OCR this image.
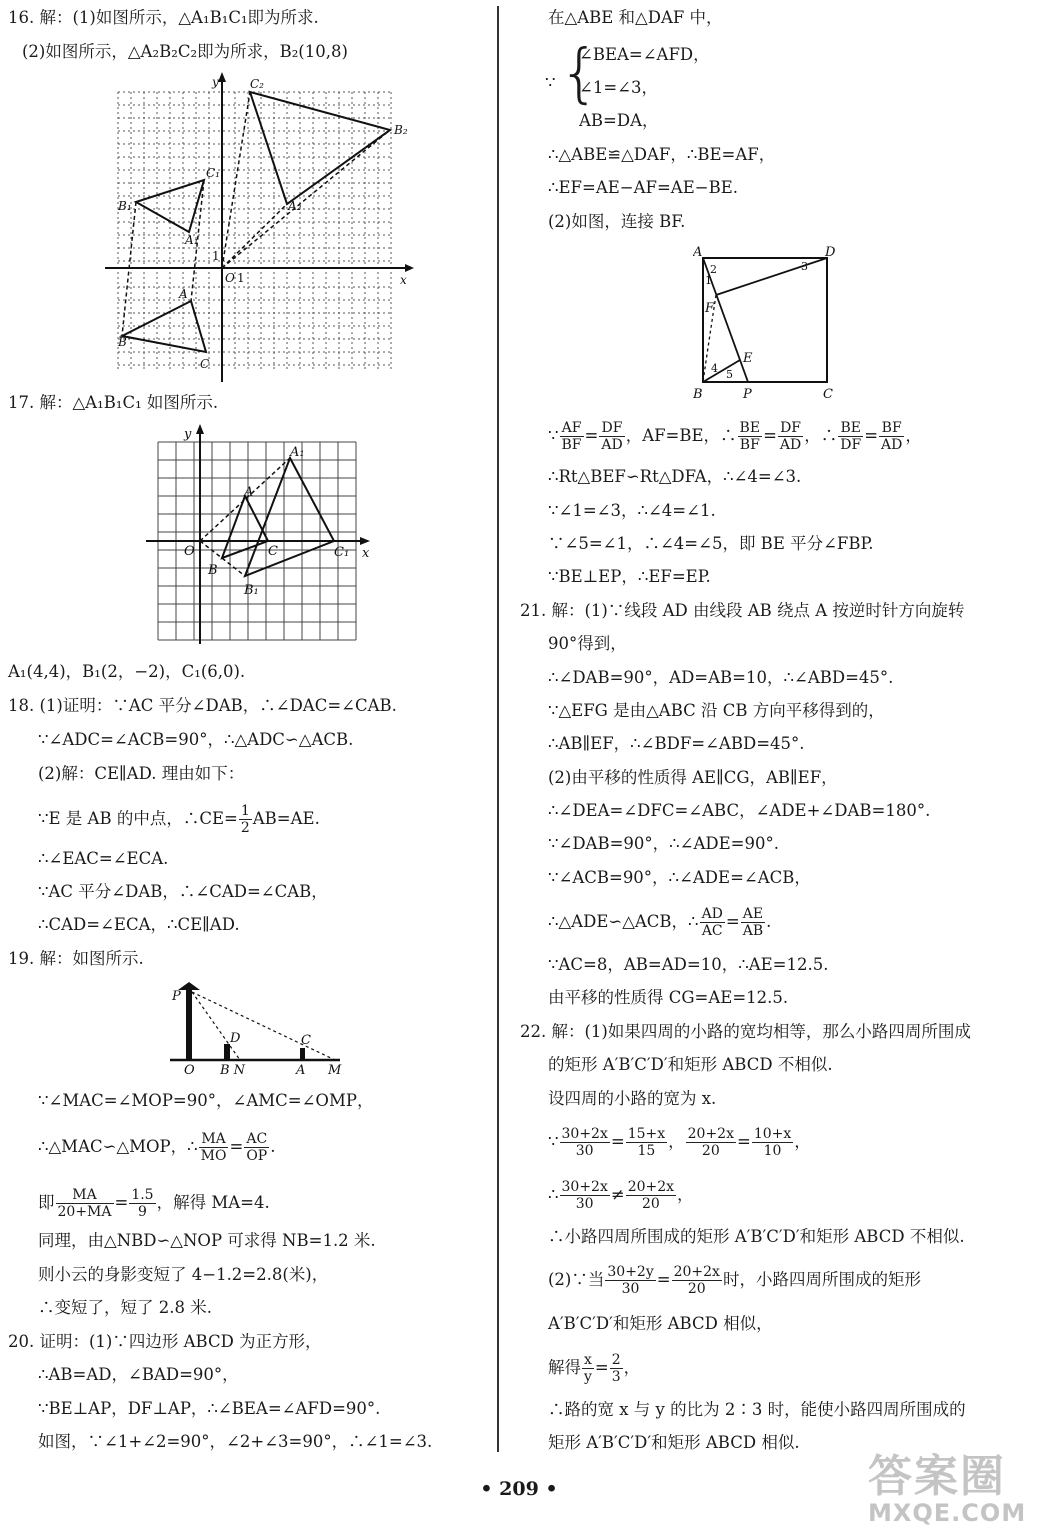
16. 解：(1)如图所示，△A₁B₁C₁即为所求.
(2)如图所示，△A₂B₂C₂即为所求，B₂(10,8)
y
x
O 1
1
C₂
B₂
C₁
B₁
A₁
A₂
A
B
C
17. 解：△A₁B₁C₁ 如图所示.
y
x
O
A₁
A
C	C₁
B
B₁
A₁(4,4)，B₁(2，−2)，C₁(6,0).
18. (1)证明：∵AC 平分∠DAB，∴∠DAC=∠CAB.
∵∠ADC=∠ACB=90°，∴△ADC∽△ACB.
(2)解：CE∥AD. 理由如下：
∵E 是 AB 的中点，∴CE= $\frac{1}{2} AB=AE$.
∴∠EAC=∠ECA.
∵AC 平分∠DAB，∴∠CAD=∠CAB，
∴CAD=∠ECA，∴CE∥AD.
19. 解：如图所示.
P
D	C
O B N	A M
∵∠MAC=∠MOP=90°，∠AMC=∠OMP，
∴△MAC∽△MOP，∴ $\frac{MA}{MO} = \frac{AC}{OP}$ .
即 $\frac{MA}{20+MA} = \frac{1.5}{9}$ ，解得 MA=4.
同理，由△NBD∽△NOP 可求得 NB=1.2 米.
则小云的身影变短了 4−1.2=2.8(米)，
∴变短了，短了 2.8 米.
20. 证明：(1)∵四边形 ABCD 为正方形，
∴AB=AD，∠BAD=90°，
∵BE⊥AP，DF⊥AP，∴∠BEA=∠AFD=90°.
如图，∵∠1+∠2=90°，∠2+∠3=90°，∴∠1=∠3.
在△ABE 和△DAF 中，
∵ {
∠BEA=∠AFD，
∠1=∠3，
AB=DA，
∴△ABE≌△DAF，∴BE=AF，
∴EF=AE−AF=AE−BE.
(2)如图，连接 BF.
A	D
B	C
P
F
E
1
2	3
4 5
∵ $\frac{AF}{BF} = \frac{DF}{AD}$ ，AF=BE，∴ $\frac{BE}{BF} = \frac{DF}{AD}$ ，∴ $\frac{BE}{DF} = \frac{BF}{AD}$ ，
∴Rt△BEF∽Rt△DFA，∴∠4=∠3.
∵∠1=∠3，∴∠4=∠1.
∵∠5=∠1，∴∠4=∠5，即 BE 平分∠FBP.
∵BE⊥EP，∴EF=EP.
21. 解：(1)∵线段 AD 由线段 AB 绕点 A 按逆时针方向旋转
90°得到，
∴∠DAB=90°，AD=AB=10，∴∠ABD=45°.
∵△EFG 是由△ABC 沿 CB 方向平移得到的，
∴AB∥EF，∴∠BDF=∠ABD=45°.
(2)由平移的性质得 AE∥CG，AB∥EF，
∴∠DEA=∠DFC=∠ABC，∠ADE+∠DAB=180°.
∵∠DAB=90°，∴∠ADE=90°.
∵∠ACB=90°，∴∠ADE=∠ACB，
∴△ADE∽△ACB，∴ $\frac{AD}{AC} = \frac{AE}{AB}$ .
∵AC=8，AB=AD=10，∴AE=12.5.
由平移的性质得 CG=AE=12.5.
22. 解：(1)如果四周的小路的宽均相等，那么小路四周所围成
的矩形 A′B′C′D′和矩形 ABCD 不相似.
设四周的小路的宽为 x.
∵ $\frac{30+2x}{30} = \frac{15+x}{15}$ ， $\frac{20+2x}{20} = \frac{10+x}{10}$ ，
∴ $\frac{30+2x}{30} \ne \frac{20+2x}{20}$ ，
∴小路四周所围成的矩形 A′B′C′D′和矩形 ABCD 不相似.
(2)∵当 $\frac{30+2y}{30} = \frac{20+2x}{20}$ 时，小路四周所围成的矩形
A′B′C′D′和矩形 ABCD 相似，
解得 $\frac{x}{y} = \frac{2}{3}$ ，
∴路的宽 x 与 y 的比为 2∶3 时，能使小路四周所围成的
矩形 A′B′C′D′和矩形 ABCD 相似.
• 209 •	答案圈
MXQE.COM
